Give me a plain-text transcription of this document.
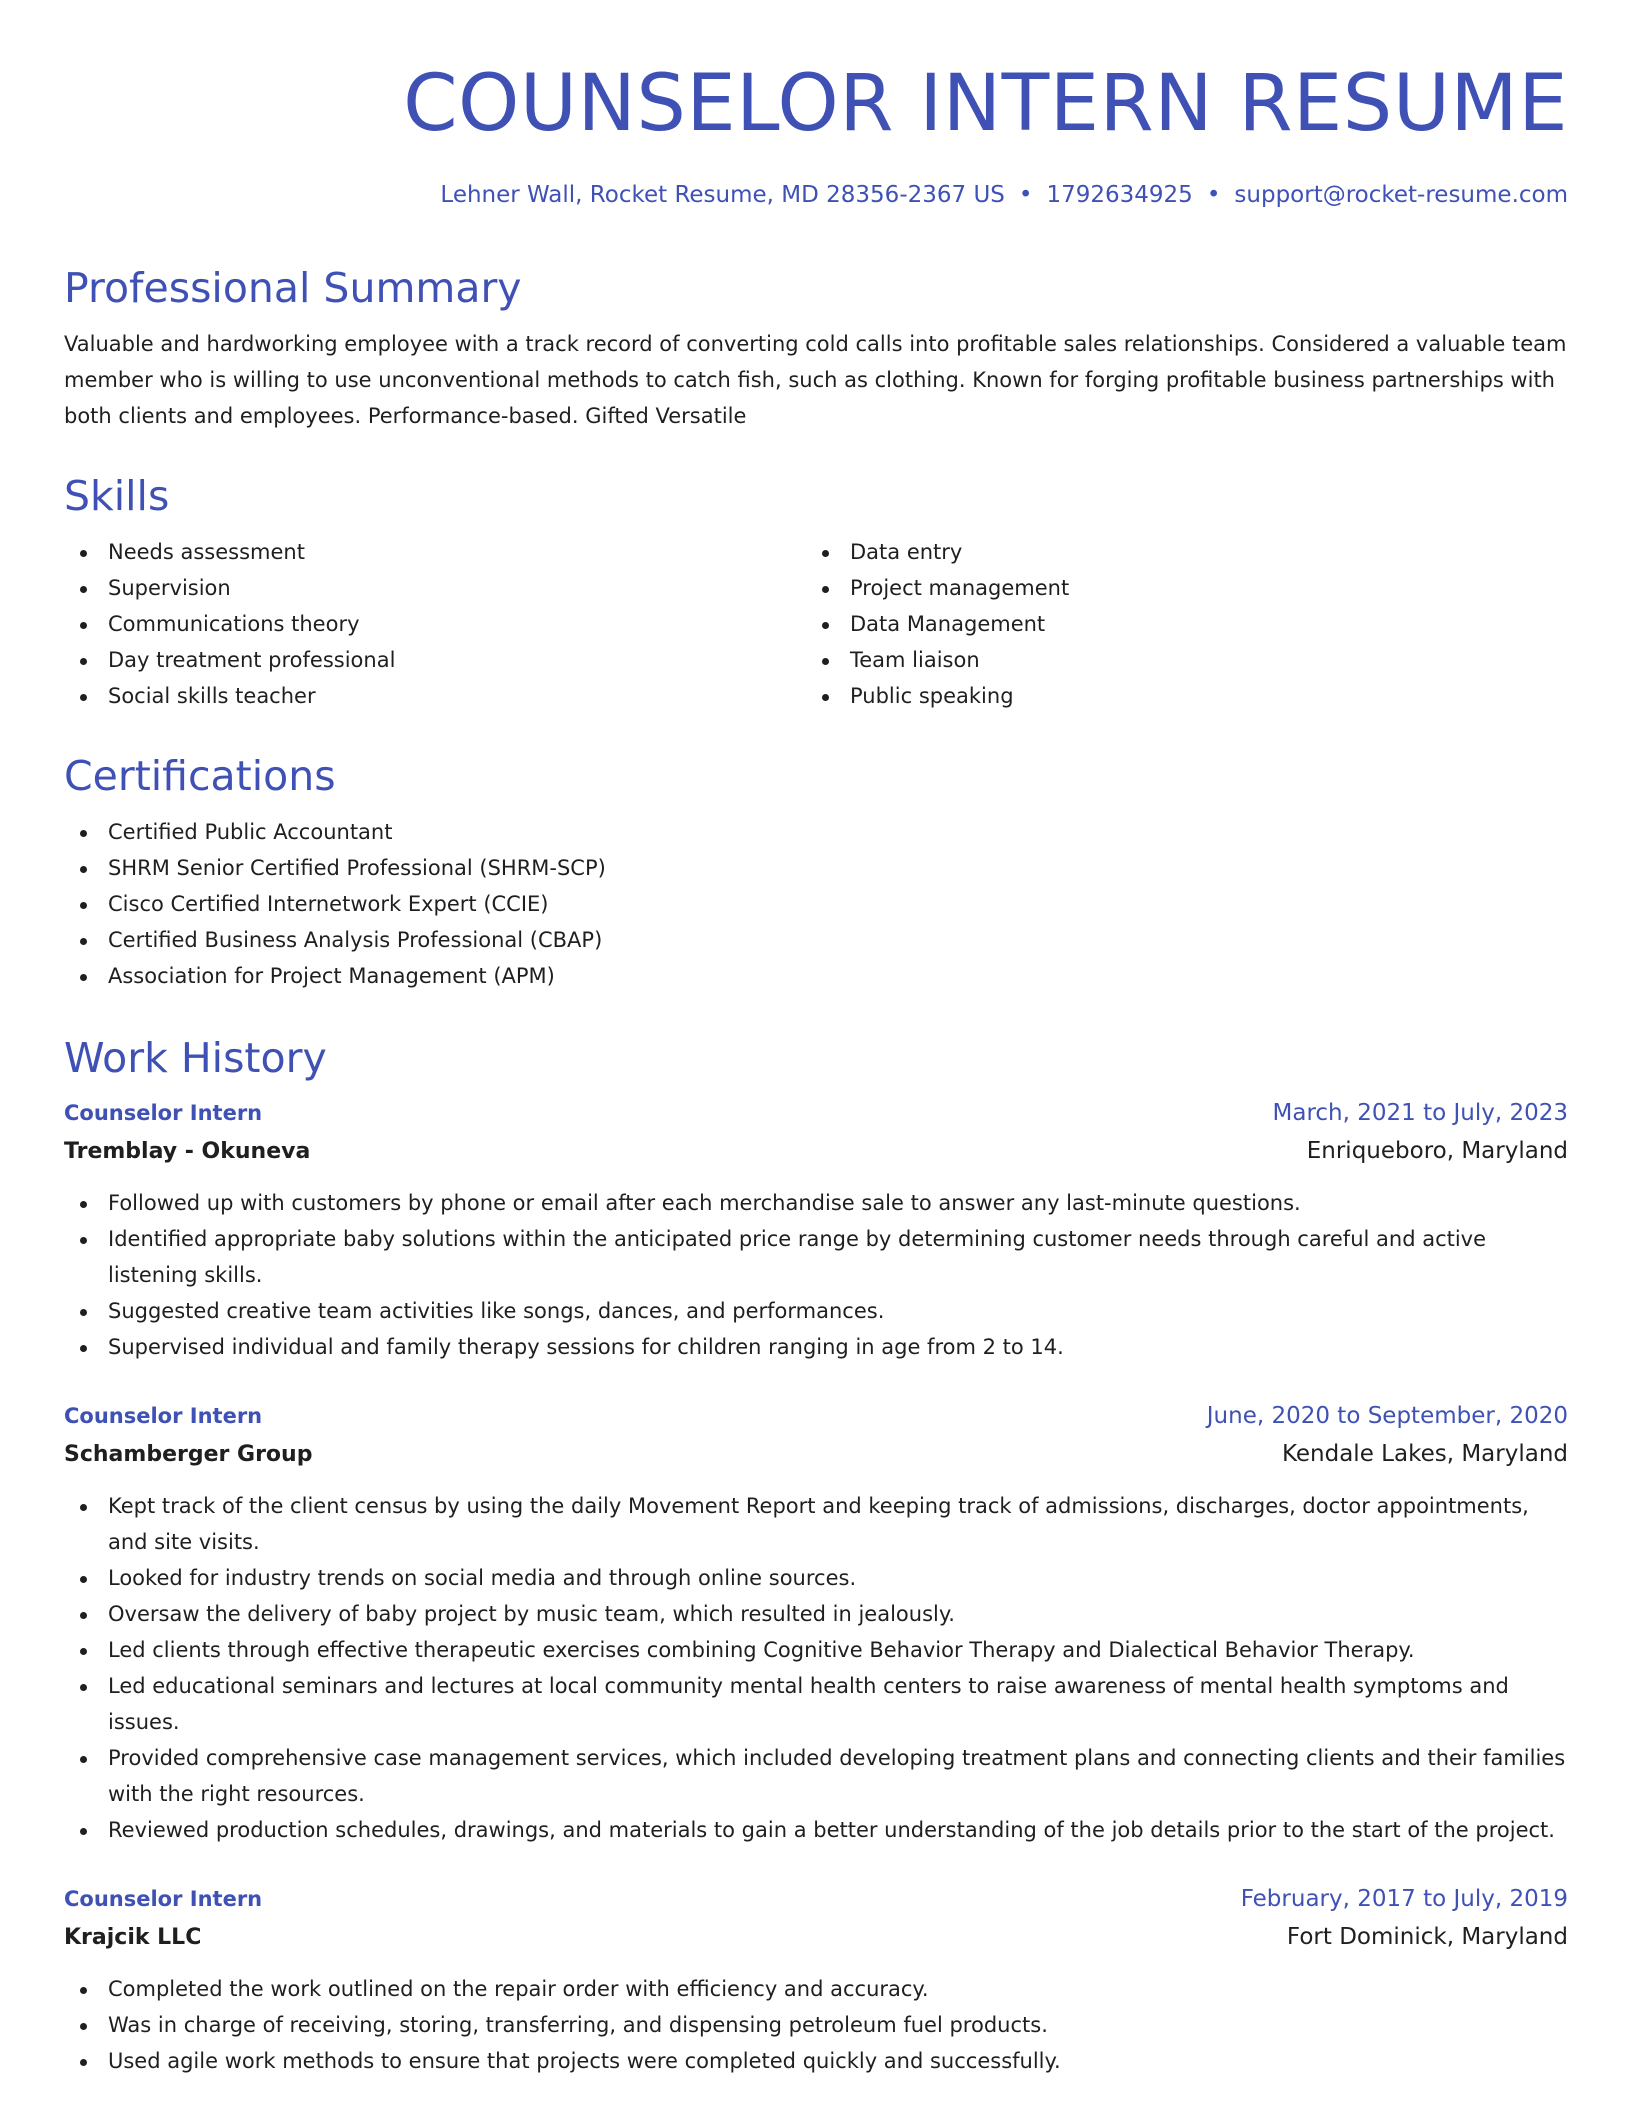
COUNSELOR INTERN RESUME
Lehner Wall, Rocket Resume, MD 28356-2367 US • 1792634925 • support@rocket-resume.com
Professional Summary

Valuable and hardworking employee with a track record of converting cold calls into profitable sales relationships. Considered a valuable team member who is willing to use unconventional methods to catch fish, such as clothing. Known for forging profitable business partnerships with both clients and employees. Performance-based. Gifted Versatile

Skills
Needs assessment
Supervision
Communications theory
Day treatment professional
Social skills teacher
Data entry
Project management
Data Management
Team liaison
Public speaking
Certifications
Certified Public Accountant
SHRM Senior Certified Professional (SHRM-SCP)
Cisco Certified Internetwork Expert (CCIE)
Certified Business Analysis Professional (CBAP)
Association for Project Management (APM)
Work History
Counselor Intern	March, 2021 to July, 2023
Tremblay - Okuneva	Enriqueboro, Maryland
Followed up with customers by phone or email after each merchandise sale to answer any last-minute questions.
Identified appropriate baby solutions within the anticipated price range by determining customer needs through careful and active listening skills.
Suggested creative team activities like songs, dances, and performances.
Supervised individual and family therapy sessions for children ranging in age from 2 to 14.
Counselor Intern	June, 2020 to September, 2020
Schamberger Group	Kendale Lakes, Maryland
Kept track of the client census by using the daily Movement Report and keeping track of admissions, discharges, doctor appointments, and site visits.
Looked for industry trends on social media and through online sources.
Oversaw the delivery of baby project by music team, which resulted in jealously.
Led clients through effective therapeutic exercises combining Cognitive Behavior Therapy and Dialectical Behavior Therapy.
Led educational seminars and lectures at local community mental health centers to raise awareness of mental health symptoms and issues.
Provided comprehensive case management services, which included developing treatment plans and connecting clients and their families with the right resources.
Reviewed production schedules, drawings, and materials to gain a better understanding of the job details prior to the start of the project.
Counselor Intern	February, 2017 to July, 2019
Krajcik LLC	Fort Dominick, Maryland
Completed the work outlined on the repair order with efficiency and accuracy.
Was in charge of receiving, storing, transferring, and dispensing petroleum fuel products.
Used agile work methods to ensure that projects were completed quickly and successfully.
